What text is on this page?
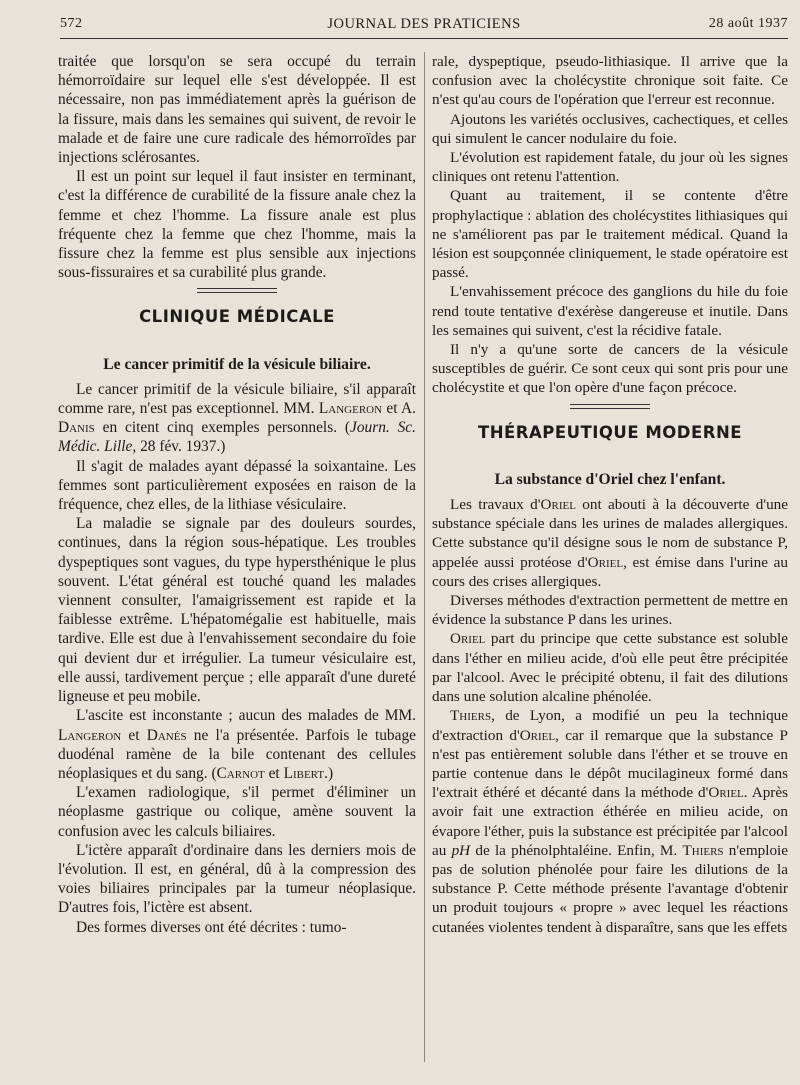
572	JOURNAL DES PRATICIENS	28 août 1937

traitée que lorsqu'on se sera occupé du terrain hémorroïdaire sur lequel elle s'est développée. Il est nécessaire, non pas immédiatement après la guérison de la fissure, mais dans les semaines qui suivent, de revoir le malade et de faire une cure radicale des hémorroïdes par injections sclérosantes.

Il est un point sur lequel il faut insister en terminant, c'est la différence de curabilité de la fissure anale chez la femme et chez l'homme. La fissure anale est plus fréquente chez la femme que chez l'homme, mais la fissure chez la femme est plus sensible aux injections sous-fissuraires et sa curabilité plus grande.

CLINIQUE MÉDICALE
Le cancer primitif de la vésicule biliaire.

Le cancer primitif de la vésicule biliaire, s'il apparaît comme rare, n'est pas exceptionnel. MM. Langeron et A. Danis en citent cinq exemples personnels. (Journ. Sc. Médic. Lille, 28 fév. 1937.)

Il s'agit de malades ayant dépassé la soixantaine. Les femmes sont particulièrement exposées en raison de la fréquence, chez elles, de la lithiase vésiculaire.

La maladie se signale par des douleurs sourdes, continues, dans la région sous-hépatique. Les troubles dyspeptiques sont vagues, du type hypersthénique le plus souvent. L'état général est touché quand les malades viennent consulter, l'amaigrissement est rapide et la faiblesse extrême. L'hépatomégalie est habituelle, mais tardive. Elle est due à l'envahissement secondaire du foie qui devient dur et irrégulier. La tumeur vésiculaire est, elle aussi, tardivement perçue ; elle apparaît d'une dureté ligneuse et peu mobile.

L'ascite est inconstante ; aucun des malades de MM. Langeron et Danés ne l'a présentée. Parfois le tubage duodénal ramène de la bile contenant des cellules néoplasiques et du sang. (Carnot et Libert.)

L'examen radiologique, s'il permet d'éliminer un néoplasme gastrique ou colique, amène souvent la confusion avec les calculs biliaires.

L'ictère apparaît d'ordinaire dans les derniers mois de l'évolution. Il est, en général, dû à la compression des voies biliaires principales par la tumeur néoplasique. D'autres fois, l'ictère est absent.

Des formes diverses ont été décrites : tumo-

rale, dyspeptique, pseudo-lithiasique. Il arrive que la confusion avec la cholécystite chronique soit faite. Ce n'est qu'au cours de l'opération que l'erreur est reconnue.

Ajoutons les variétés occlusives, cachectiques, et celles qui simulent le cancer nodulaire du foie.

L'évolution est rapidement fatale, du jour où les signes cliniques ont retenu l'attention.

Quant au traitement, il se contente d'être prophylactique : ablation des cholécystites lithiasiques qui ne s'améliorent pas par le traitement médical. Quand la lésion est soupçonnée cliniquement, le stade opératoire est passé.

L'envahissement précoce des ganglions du hile du foie rend toute tentative d'exérèse dangereuse et inutile. Dans les semaines qui suivent, c'est la récidive fatale.

Il n'y a qu'une sorte de cancers de la vésicule susceptibles de guérir. Ce sont ceux qui sont pris pour une cholécystite et que l'on opère d'une façon précoce.

THÉRAPEUTIQUE MODERNE
La substance d'Oriel chez l'enfant.

Les travaux d'Oriel ont abouti à la découverte d'une substance spéciale dans les urines de malades allergiques. Cette substance qu'il désigne sous le nom de substance P, appelée aussi protéose d'Oriel, est émise dans l'urine au cours des crises allergiques.

Diverses méthodes d'extraction permettent de mettre en évidence la substance P dans les urines.

Oriel part du principe que cette substance est soluble dans l'éther en milieu acide, d'où elle peut être précipitée par l'alcool. Avec le précipité obtenu, il fait des dilutions dans une solution alcaline phénolée.

Thiers, de Lyon, a modifié un peu la technique d'extraction d'Oriel, car il remarque que la substance P n'est pas entièrement soluble dans l'éther et se trouve en partie contenue dans le dépôt mucilagineux formé dans l'extrait éthéré et décanté dans la méthode d'Oriel. Après avoir fait une extraction éthérée en milieu acide, on évapore l'éther, puis la substance est précipitée par l'alcool au pH de la phénolphtaléine. Enfin, M. Thiers n'emploie pas de solution phénolée pour faire les dilutions de la substance P. Cette méthode présente l'avantage d'obtenir un produit toujours « propre » avec lequel les réactions cutanées violentes tendent à disparaître, sans que les effets
